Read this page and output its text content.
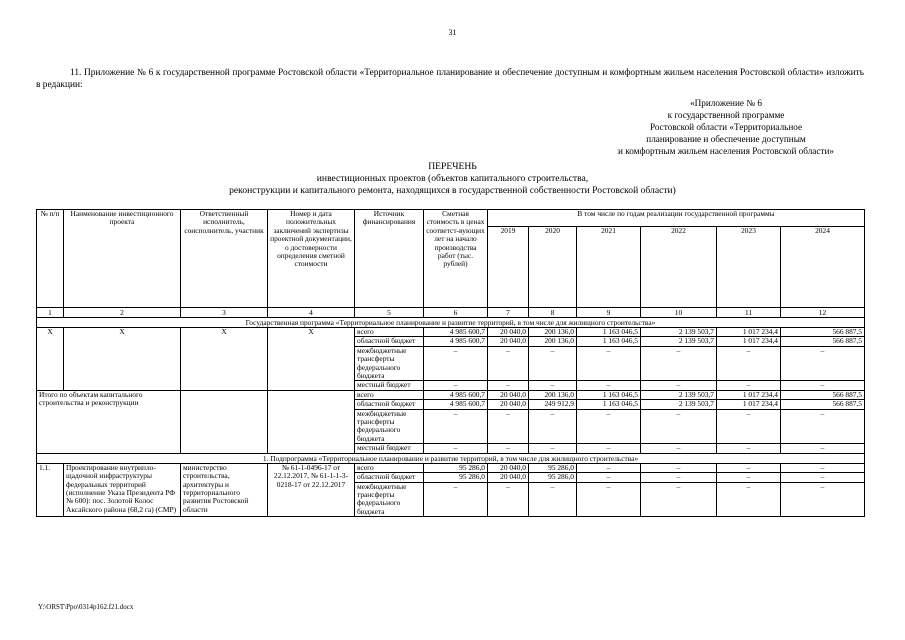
31
11. Приложение № 6 к государственной программе Ростовской области «Территориальное планирование и обеспечение доступным и комфортным жильем населения Ростовской области» изложить в редакции:
«Приложение № 6
к государственной программе
Ростовской области «Территориальное
планирование и обеспечение доступным
и комфортным жильем населения Ростовской области»
ПЕРЕЧЕНЬ
инвестиционных проектов (объектов капитального строительства,
реконструкции и капитального ремонта, находящихся в государственной собственности Ростовской области)
№ п/п	Наименование инвестиционного проекта	Ответственный исполнитель, соисполнитель, участник	Номер и дата положительных заключений экспертизы проектной документации, о достоверности определения сметной стоимости	Источник финансирования	Сметная стоимость в ценах соответст-вующих лет на начало производства работ (тыс. рублей)	В том числе по годам реализации государственной программы					
						2019	2020	2021	2022	2023	2024
1	2	3	4	5	6	7	8	9	10	11	12
Государственная программа «Территориальное планирование и развитие территорий, в том числе для жилищного строительства»											
X	X	X	X	всего	4 985 600,7	20 040,0	200 136,0	1 163 046,5	2 139 503,7	1 017 234,4	566 887,5
				областной бюджет	4 985 600,7	20 040,0	200 136,0	1 163 046,5	2 139 503,7	1 017 234,4	566 887,5
				межбюджетные трансферты федерального бюджета	–	–	–	–	–	–	–
				местный бюджет	–	–	–	–	–	–	–
Итого по объектам капитального строительства и реконструкции				всего	4 985 600,7	20 040,0	200 136,0	1 163 046,5	2 139 503,7	1 017 234,4	566 887,5
				областной бюджет	4 985 600,7	20 040,0	249 912,9	1 163 046,5	2 139 503,7	1 017 234,4	566 887,5
				межбюджетные трансферты федерального бюджета	–	–	–	–	–	–	–
				местный бюджет	–	–	–	–	–	–	–
1. Подпрограмма «Территориальное планирование и развитие территорий, в том числе для жилищного строительства»											
1.1.	Проектирование внутрипло-щадочной инфраструктуры федеральных территорий (исполнение Указа Президента РФ № 600): пос. Золотой Колос Аксайского района (68,2 га) (СМР)	министерство строительства, архитектуры и территориального развития Ростовской области	№ 61-1-0496-17 от 22.12.2017, № 61-1-1-3-0218-17 от 22.12.2017	всего	95 286,0	20 040,0	95 286,0	–	–	–	–
				областной бюджет	95 286,0	20 040,0	95 286,0	–	–	–	–
				межбюджетные трансферты федерального бюджета	–	–	–	–	–	–	–
Y:\ORST\Ppo\0314p162.f21.docx
